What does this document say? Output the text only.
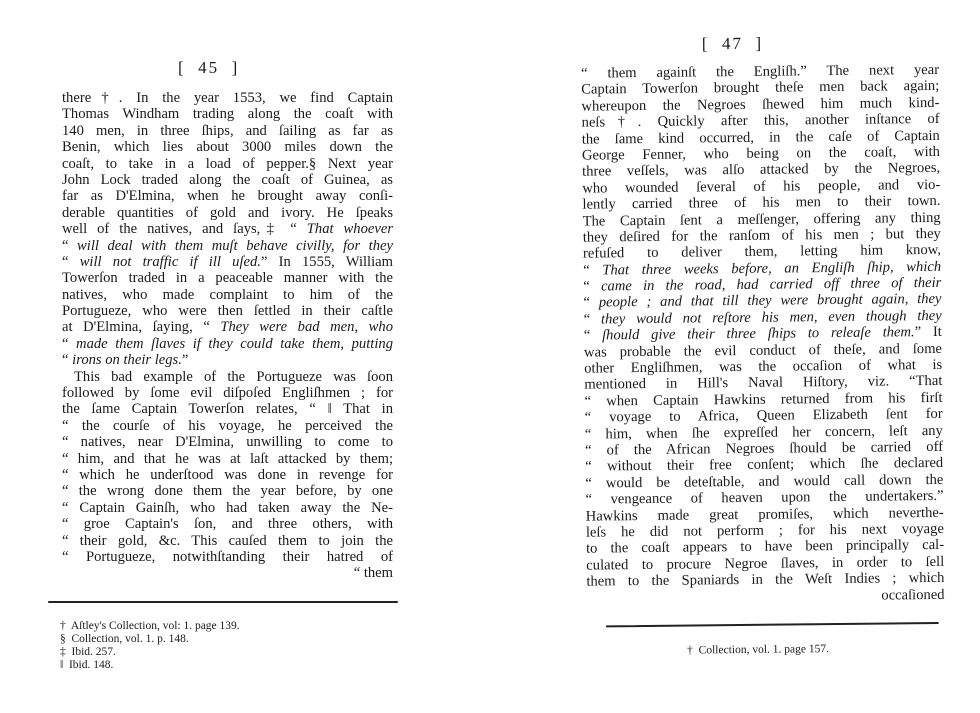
[  45  ]
there†. In the year 1553, we find Captain
Thomas Windham trading along the coaſt with
140 men, in three ſhips, and ſailing as far as
Benin, which lies about 3000 miles down the
coaſt, to take in a load of pepper.§ Next year
John Lock traded along the coaſt of Guinea, as
far as D'Elmina, when he brought away conſi-
derable quantities of gold and ivory. He ſpeaks
well of the natives, and ſays,‡ “ That whoever
“ will deal with them muſt behave civilly, for they
“ will not traffic if ill uſed.” In 1555, William
Towerſon traded in a peaceable manner with the
natives, who made complaint to him of the
Portugueze, who were then ſettled in their caſtle
at D'Elmina, ſaying, “ They were bad men, who
“ made them ſlaves if they could take them, putting
“ irons on their legs.”
This bad example of the Portugueze was ſoon
followed by ſome evil diſpoſed Engliſhmen ; for
the ſame Captain Towerſon relates, “ ‖ That in
“ the courſe of his voyage, he perceived the
“ natives, near D'Elmina, unwilling to come to
“ him, and that he was at laſt attacked by them;
“ which he underſtood was done in revenge for
“ the wrong done them the year before, by one
“ Captain Gainſh, who had taken away the Ne-
“ groe Captain's ſon, and three others, with
“ their gold, &c. This cauſed them to join the
“ Portugueze, notwithſtanding their hatred of
“ them
†  Aſtley's Collection, vol: 1. page 139.
§  Collection, vol. 1. p. 148.
‡  Ibid. 257.
‖  Ibid. 148.
[  47  ]
“ them againſt the Engliſh.” The next year
Captain Towerſon brought theſe men back again;
whereupon the Negroes ſhewed him much kind-
neſs†. Quickly after this, another inſtance of
the ſame kind occurred, in the caſe of Captain
George Fenner, who being on the coaſt, with
three veſſels, was alſo attacked by the Negroes,
who wounded ſeveral of his people, and vio-
lently carried three of his men to their town.
The Captain ſent a meſſenger, offering any thing
they deſired for the ranſom of his men ; but they
refuſed to deliver them, letting him know,
“ That three weeks before, an Engliſh ſhip, which
“ came in the road, had carried off three of their
“ people ; and that till they were brought again, they
“ they would not reſtore his men, even though they
“ ſhould give their three ſhips to releaſe them.” It
was probable the evil conduct of theſe, and ſome
other Engliſhmen, was the occaſion of what is
mentioned in Hill's Naval Hiſtory, viz. “That
“ when Captain Hawkins returned from his firſt
“ voyage to Africa, Queen Elizabeth ſent for
“ him, when ſhe expreſſed her concern, leſt any
“ of the African Negroes ſhould be carried off
“ without their free conſent; which ſhe declared
“ would be deteſtable, and would call down the
“ vengeance of heaven upon the undertakers.”
Hawkins made great promiſes, which neverthe-
leſs he did not perform ; for his next voyage
to the coaſt appears to have been principally cal-
culated to procure Negroe ſlaves, in order to ſell
them to the Spaniards in the Weſt Indies ; which
occaſioned
†  Collection, vol. 1. page 157.
